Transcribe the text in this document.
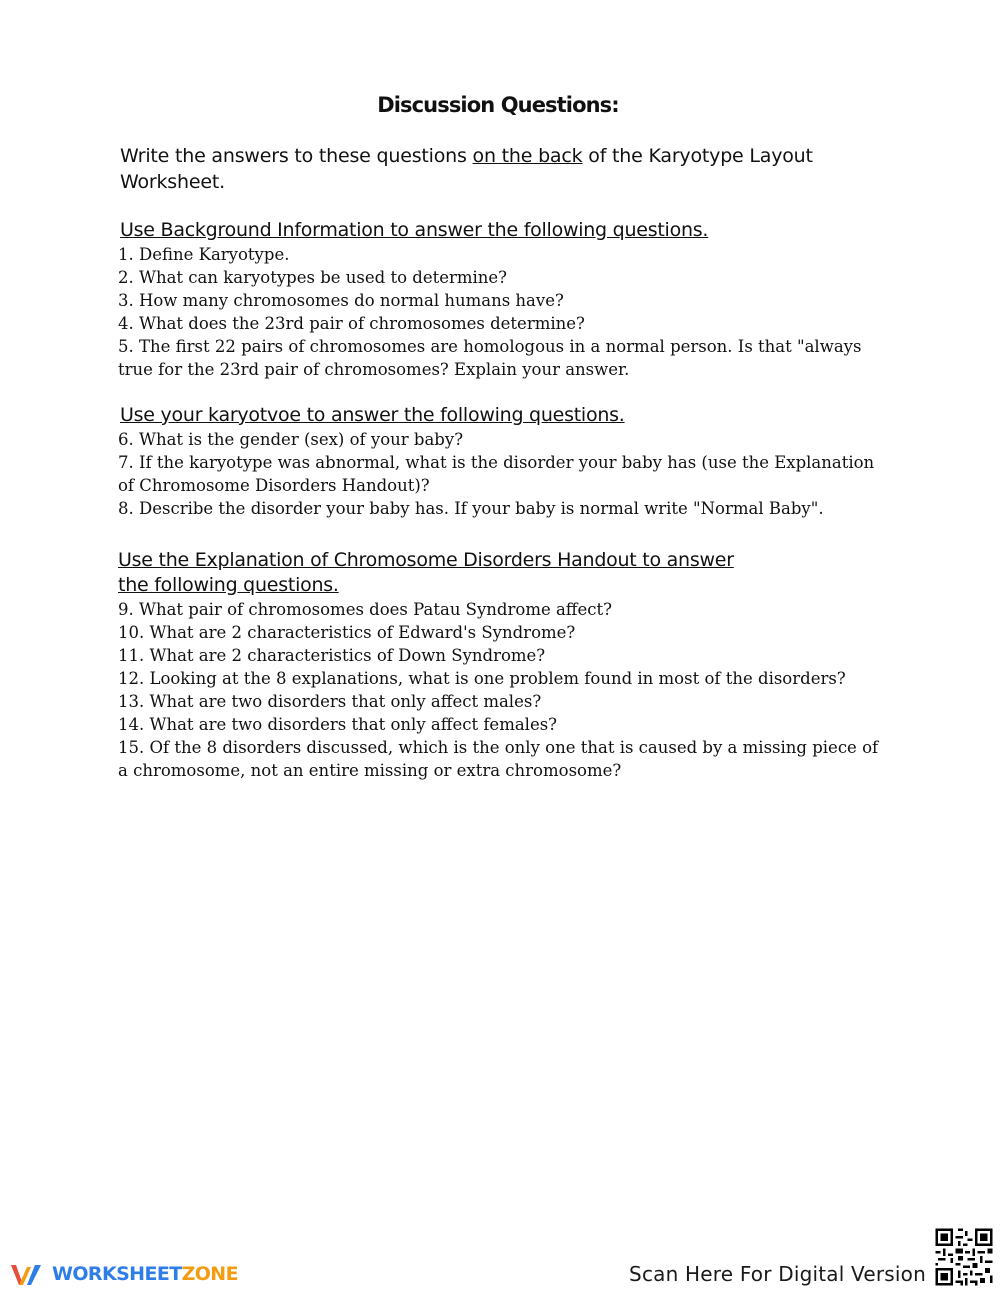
Discussion Questions:

Write the answers to these questions on the back of the Karyotype Layout Worksheet.

Use Background Information to answer the following questions.

1. Define Karyotype.
2. What can karyotypes be used to determine?
3. How many chromosomes do normal humans have?
4. What does the 23rd pair of chromosomes determine?
5. The first 22 pairs of chromosomes are homologous in a normal person. Is that "always true for the 23rd pair of chromosomes? Explain your answer.

Use your karyotvoe to answer the following questions.

6. What is the gender (sex) of your baby?
7. If the karyotype was abnormal, what is the disorder your baby has (use the Explanation of Chromosome Disorders Handout)?
8. Describe the disorder your baby has. If your baby is normal write "Normal Baby".

Use the Explanation of Chromosome Disorders Handout to answer the following questions.

9. What pair of chromosomes does Patau Syndrome affect?
10. What are 2 characteristics of Edward's Syndrome?
11. What are 2 characteristics of Down Syndrome?
12. Looking at the 8 explanations, what is one problem found in most of the disorders?
13. What are two disorders that only affect males?
14. What are two disorders that only affect females?
15. Of the 8 disorders discussed, which is the only one that is caused by a missing piece of a chromosome, not an entire missing or extra chromosome?
WORKSHEETZONE	Scan Here For Digital Version
